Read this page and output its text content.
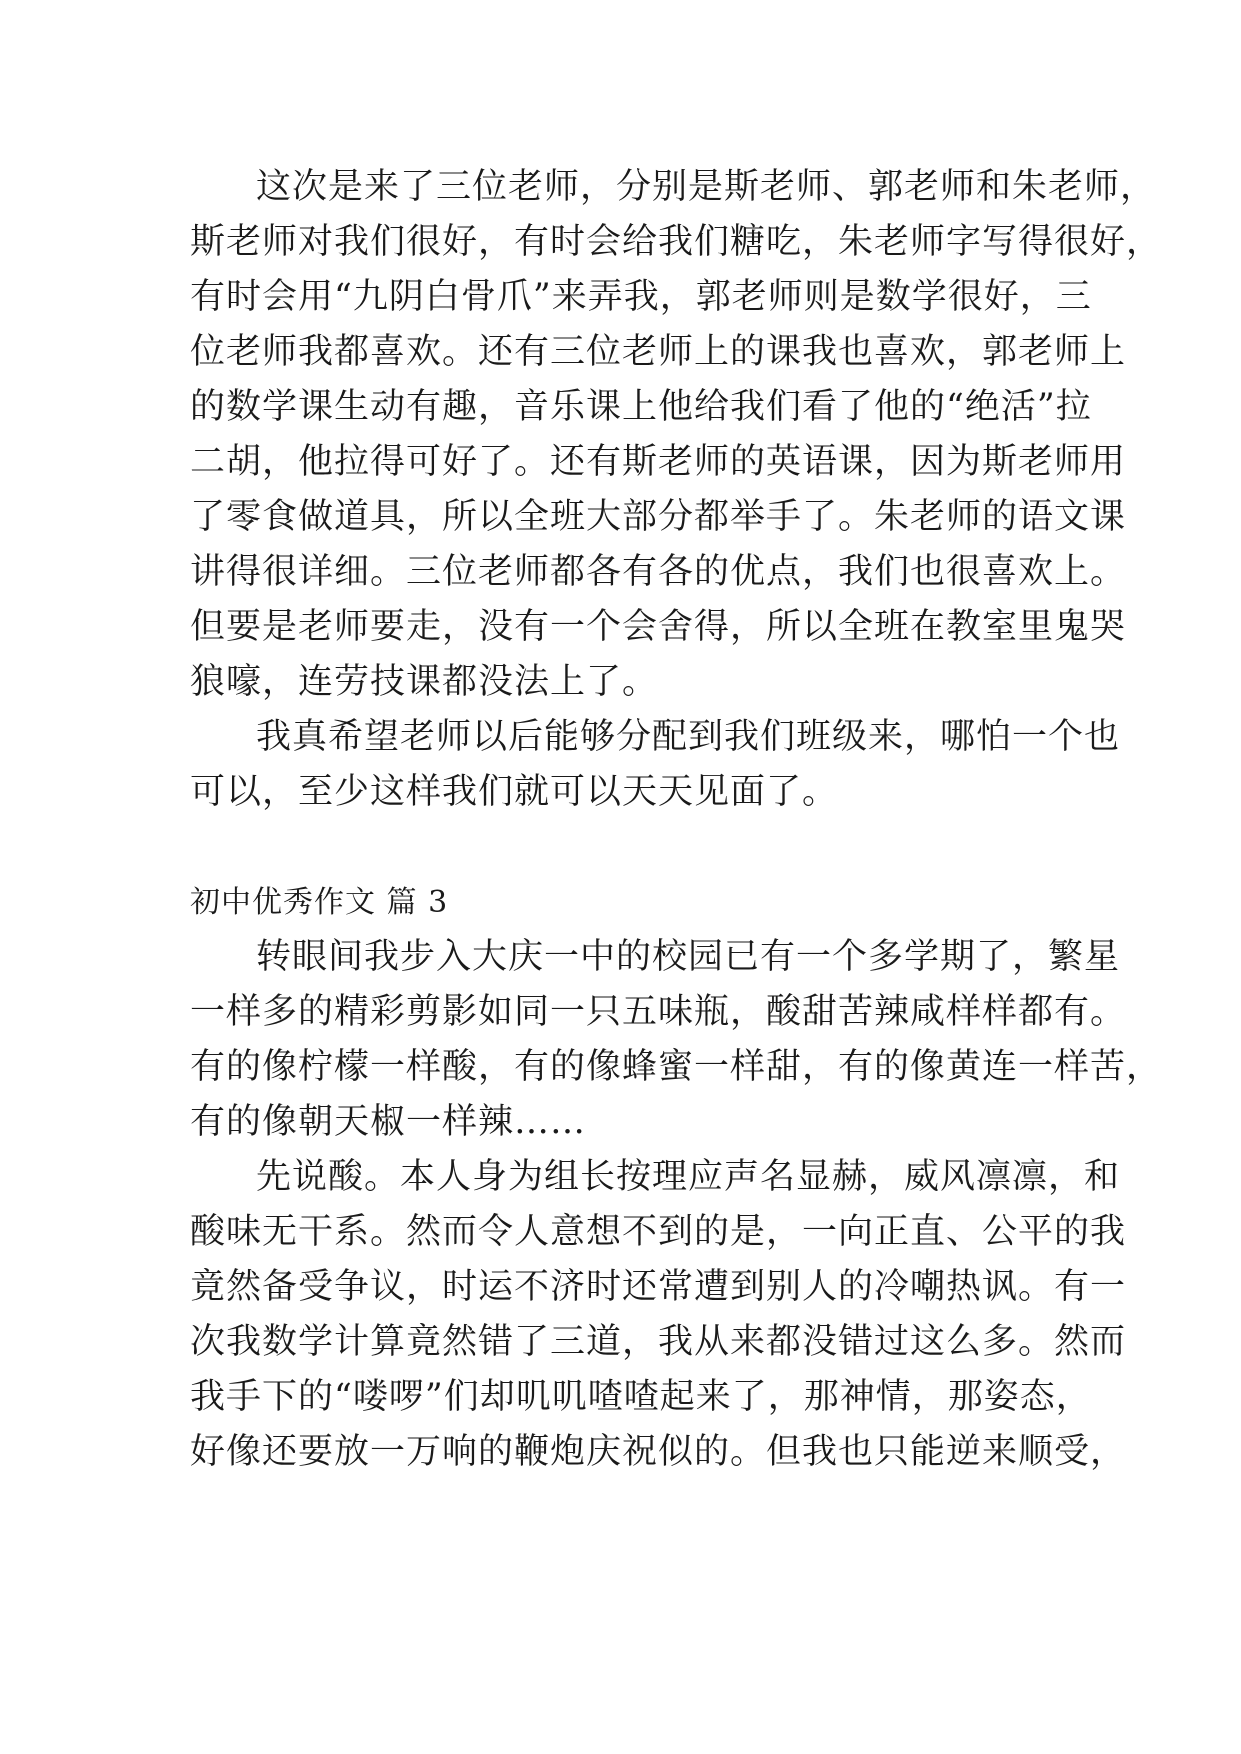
这次是来了三位老师，分别是斯老师、郭老师和朱老师，
斯老师对我们很好，有时会给我们糖吃，朱老师字写得很好，
有时会用“九阴白骨爪”来弄我，郭老师则是数学很好，三
位老师我都喜欢。还有三位老师上的课我也喜欢，郭老师上
的数学课生动有趣，音乐课上他给我们看了他的“绝活”拉
二胡，他拉得可好了。还有斯老师的英语课，因为斯老师用
了零食做道具，所以全班大部分都举手了。朱老师的语文课
讲得很详细。三位老师都各有各的优点，我们也很喜欢上。
但要是老师要走，没有一个会舍得，所以全班在教室里鬼哭
狼嚎，连劳技课都没法上了。
我真希望老师以后能够分配到我们班级来，哪怕一个也
可以，至少这样我们就可以天天见面了。
初中优秀作文 篇 3
转眼间我步入大庆一中的校园已有一个多学期了，繁星
一样多的精彩剪影如同一只五味瓶，酸甜苦辣咸样样都有。
有的像柠檬一样酸，有的像蜂蜜一样甜，有的像黄连一样苦，
有的像朝天椒一样辣……
先说酸。本人身为组长按理应声名显赫，威风凛凛，和
酸味无干系。然而令人意想不到的是，一向正直、公平的我
竟然备受争议，时运不济时还常遭到别人的冷嘲热讽。有一
次我数学计算竟然错了三道，我从来都没错过这么多。然而
我手下的“喽啰”们却叽叽喳喳起来了，那神情，那姿态，
好像还要放一万响的鞭炮庆祝似的。但我也只能逆来顺受，
